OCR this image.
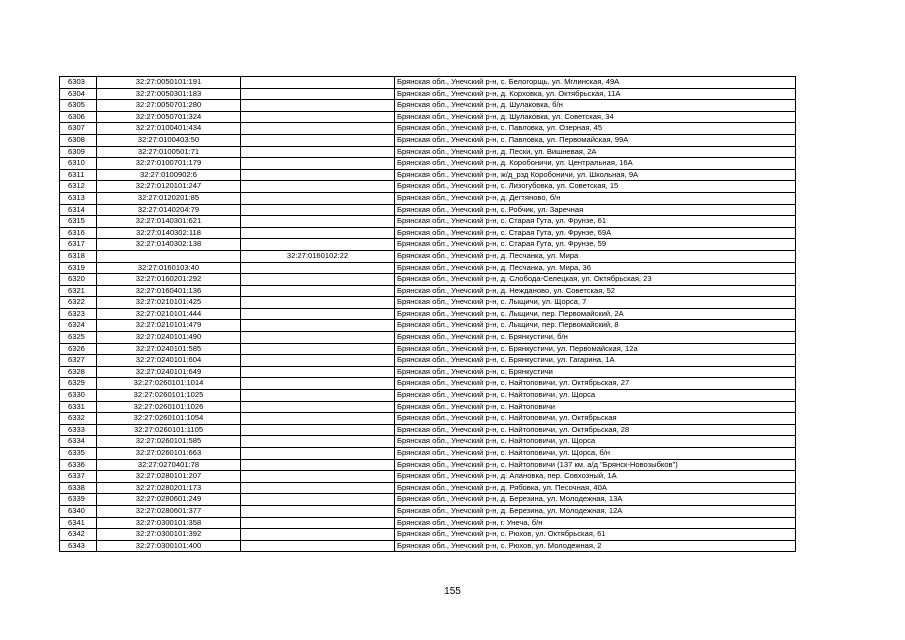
6303	32:27:0050101:191		Брянская обл., Унечский р-н, с. Белогорщь, ул. Мглинская, 49А
6304	32:27:0050301:183		Брянская обл., Унечский р-н, д. Корховка, ул. Октябрьская, 11А
6305	32:27:0050701:280		Брянская обл., Унечский р-н, д. Шулаковка, б/н
6306	32:27:0050701:324		Брянская обл., Унечский р-н, д. Шулаковка, ул. Советская, 34
6307	32:27:0100401:434		Брянская обл., Унечский р-н, с. Павловка, ул. Озерная, 45
6308	32:27:0100403:50		Брянская обл., Унечский р-н, с. Павловка, ул. Первомайская, 99А
6309	32:27:0100501:71		Брянская обл., Унечский р-н, д. Пески, ул. Вишневая, 2А
6310	32:27:0100701:179		Брянская обл., Унечский р-н, д. Коробоничи, ул. Центральная, 16А
6311	32:27:0100902:6		Брянская обл., Унечский р-н, ж/д_рзд Коробоничи, ул. Школьная, 9А
6312	32:27:0120101:247		Брянская обл., Унечский р-н, с. Лизогубовка, ул. Советская, 15
6313	32:27:0120201:85		Брянская обл., Унечский р-н, д. Дегтяново, б/н
6314	32:27:0140204:79		Брянская обл., Унечский р-н, с. Робчик, ул. Заречная
6315	32:27:0140301:621		Брянская обл., Унечский р-н, с. Старая Гута, ул. Фрунзе, 61
6316	32:27:0140302:118		Брянская обл., Унечский р-н, с. Старая Гута, ул. Фрунзе, 69А
6317	32:27:0140302:138		Брянская обл., Унечский р-н, с. Старая Гута, ул. Фрунзе, 59
6318		32:27:0160102:22	Брянская обл., Унечский р-н, д. Песчанка, ул. Мира
6319	32:27:0160103:40		Брянская обл., Унечский р-н, д. Песчанка, ул. Мира, 36
6320	32:27:0160201:292		Брянская обл., Унечский р-н, д. Слобода-Селецкая, ул. Октябрьская, 23
6321	32:27:0160401:136		Брянская обл., Унечский р-н, д. Нежданово, ул. Советская, 52
6322	32:27:0210101:425		Брянская обл., Унечский р-н, с. Лыщичи, ул. Щорса, 7
6323	32:27:0210101:444		Брянская обл., Унечский р-н, с. Лыщичи, пер. Первомайский, 2А
6324	32:27:0210101:479		Брянская обл., Унечский р-н, с. Лыщичи, пер. Первомайский, 8
6325	32:27:0240101:490		Брянская обл., Унечский р-н, с. Брянкустичи, б/н
6326	32:27:0240101:585		Брянская обл., Унечский р-н, с. Брянкустичи, ул. Первомайская, 12а
6327	32:27:0240101:604		Брянская обл., Унечский р-н, с. Брянкустичи, ул. Гагарина, 1А
6328	32:27:0240101:649		Брянская обл., Унечский р-н, с. Брянкустичи
6329	32:27:0260101:1014		Брянская обл., Унечский р-н, с. Найтоповичи, ул. Октябрьская, 27
6330	32:27:0260101:1025		Брянская обл., Унечский р-н, с. Найтоповичи, ул. Щорса
6331	32:27:0260101:1026		Брянская обл., Унечский р-н, с. Найтоповичи
6332	32:27:0260101:1054		Брянская обл., Унечский р-н, с. Найтоповичи, ул. Октябрьская
6333	32:27:0260101:1105		Брянская обл., Унечский р-н, с. Найтоповичи, ул. Октябрьская, 28
6334	32:27:0260101:585		Брянская обл., Унечский р-н, с. Найтоповичи, ул. Щорса
6335	32:27:0260101:663		Брянская обл., Унечский р-н, с. Найтоповичи, ул. Щорса, б/н
6336	32:27:0270401:78		Брянская обл., Унечский р-н, с. Найтоповичи (137 км. а/д "Брянск-Новозыбков")
6337	32:27:0280101:207		Брянская обл., Унечский р-н, д. Алановка, пер. Совхозный, 1А
6338	32:27:0280201:173		Брянская обл., Унечский р-н, д. Рябовка, ул. Песочная, 40А
6339	32:27:0280601:249		Брянская обл., Унечский р-н, д. Березина, ул. Молодежная, 13А
6340	32:27:0280601:377		Брянская обл., Унечский р-н, д. Березина, ул. Молодежная, 12А
6341	32:27:0300101:358		Брянская обл., Унечский р-н, г. Унеча, б/н
6342	32:27:0300101:392		Брянская обл., Унечский р-н, с. Рюхов, ул. Октябрьская, 61
6343	32:27:0300101:400		Брянская обл., Унечский р-н, с. Рюхов, ул. Молодежная, 2
155
